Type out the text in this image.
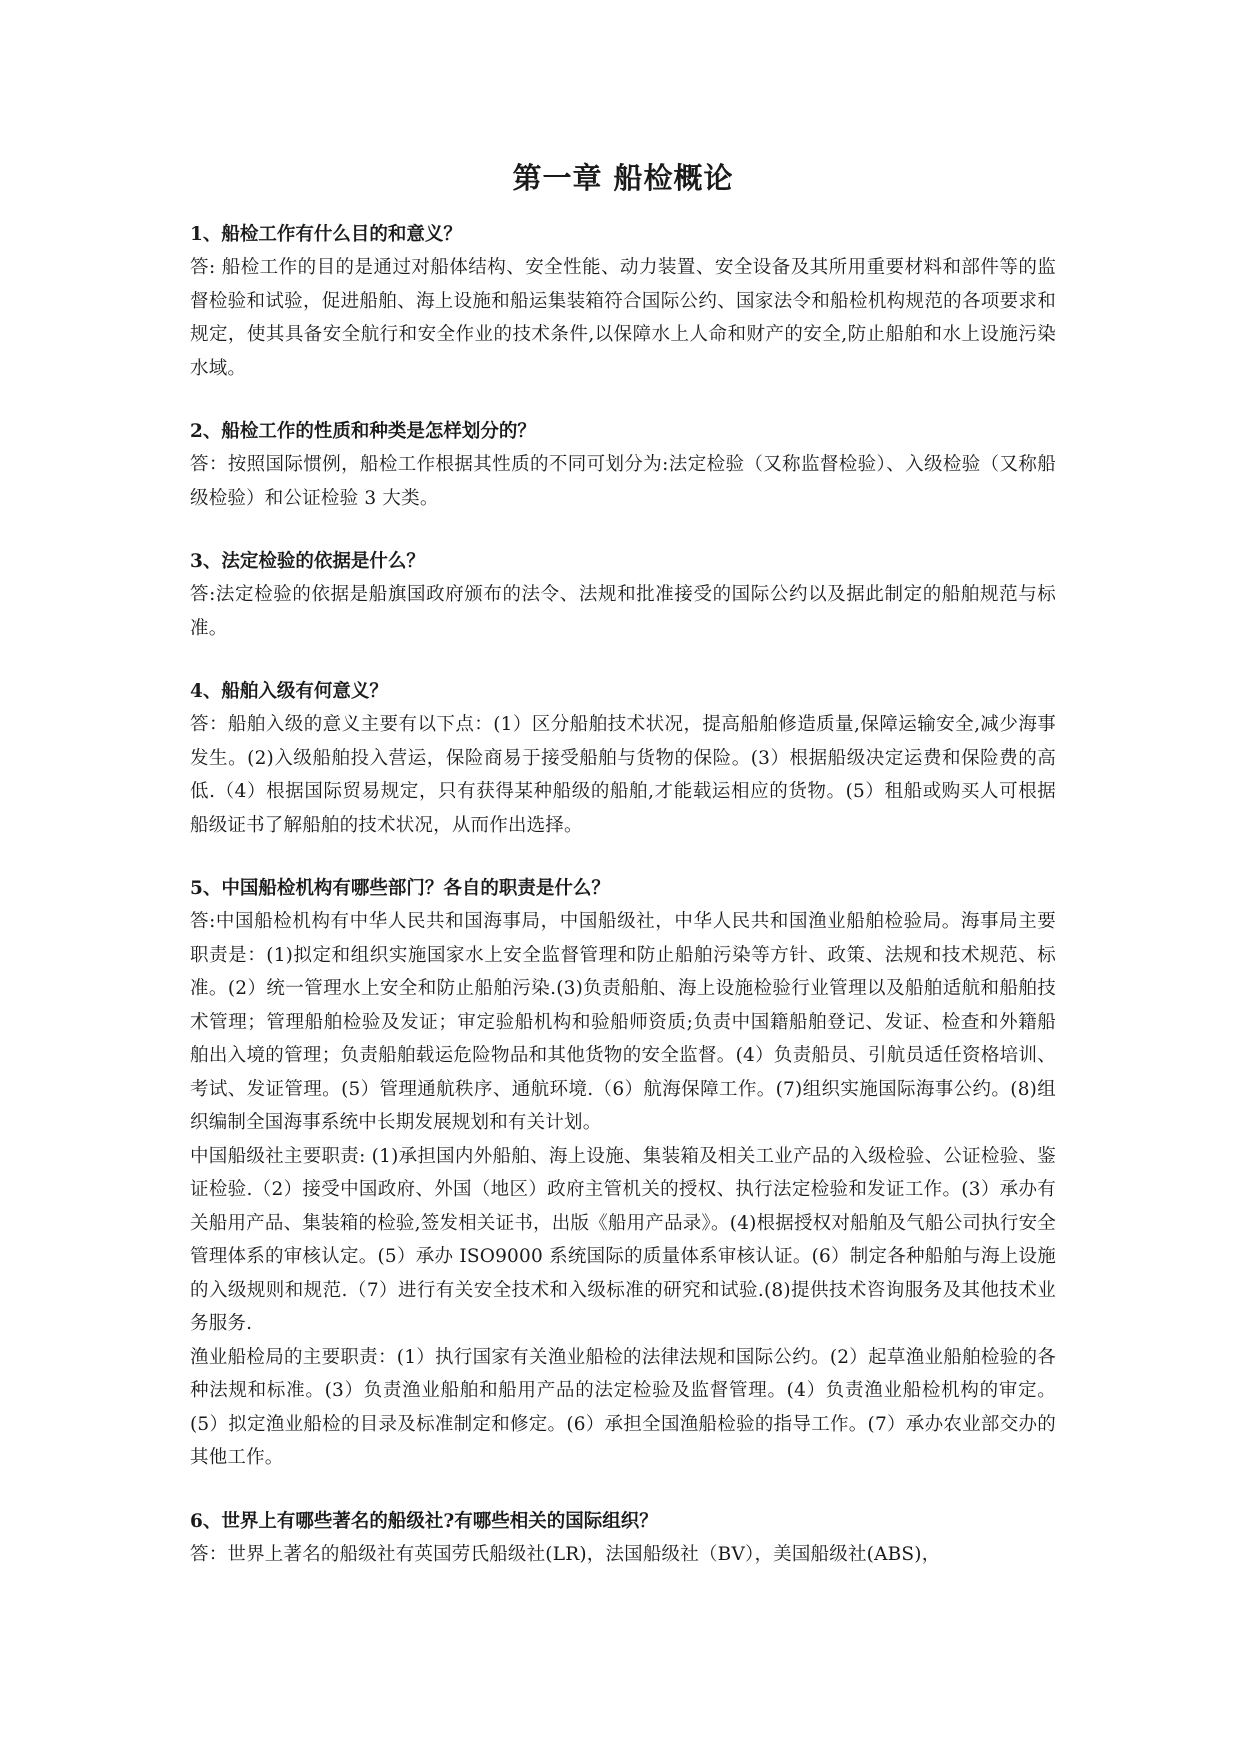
第一章 船检概论

1、船检工作有什么目的和意义？

答: 船检工作的目的是通过对船体结构、安全性能、动力装置、安全设备及其所用重要材料和部件等的监督检验和试验，促进船舶、海上设施和船运集装箱符合国际公约、国家法令和船检机构规范的各项要求和规定，使其具备安全航行和安全作业的技术条件,以保障水上人命和财产的安全,防止船舶和水上设施污染水域。

2、船检工作的性质和种类是怎样划分的？

答：按照国际惯例，船检工作根据其性质的不同可划分为:法定检验（又称监督检验）、入级检验（又称船级检验）和公证检验 3 大类。

3、法定检验的依据是什么？

答:法定检验的依据是船旗国政府颁布的法令、法规和批准接受的国际公约以及据此制定的船舶规范与标准。

4、船舶入级有何意义？

答：船舶入级的意义主要有以下点：(1）区分船舶技术状况，提高船舶修造质量,保障运输安全,减少海事发生。(2)入级船舶投入营运，保险商易于接受船舶与货物的保险。(3）根据船级决定运费和保险费的高低.（4）根据国际贸易规定，只有获得某种船级的船舶,才能载运相应的货物。(5）租船或购买人可根据船级证书了解船舶的技术状况，从而作出选择。

5、中国船检机构有哪些部门？各自的职责是什么？

答:中国船检机构有中华人民共和国海事局，中国船级社，中华人民共和国渔业船舶检验局。海事局主要职责是：(1)拟定和组织实施国家水上安全监督管理和防止船舶污染等方针、政策、法规和技术规范、标准。(2）统一管理水上安全和防止船舶污染.(3)负责船舶、海上设施检验行业管理以及船舶适航和船舶技术管理；管理船舶检验及发证；审定验船机构和验船师资质;负责中国籍船舶登记、发证、检查和外籍船舶出入境的管理；负责船舶载运危险物品和其他货物的安全监督。(4）负责船员、引航员适任资格培训、考试、发证管理。(5）管理通航秩序、通航环境.（6）航海保障工作。(7)组织实施国际海事公约。(8)组织编制全国海事系统中长期发展规划和有关计划。

中国船级社主要职责: (1)承担国内外船舶、海上设施、集装箱及相关工业产品的入级检验、公证检验、鉴证检验.（2）接受中国政府、外国（地区）政府主管机关的授权、执行法定检验和发证工作。(3）承办有关船用产品、集装箱的检验,签发相关证书，出版《船用产品录》。(4)根据授权对船舶及气船公司执行安全管理体系的审核认定。(5）承办 ISO9000 系统国际的质量体系审核认证。(6）制定各种船舶与海上设施的入级规则和规范.（7）进行有关安全技术和入级标准的研究和试验.(8)提供技术咨询服务及其他技术业务服务.

渔业船检局的主要职责：(1）执行国家有关渔业船检的法律法规和国际公约。(2）起草渔业船舶检验的各种法规和标准。(3）负责渔业船舶和船用产品的法定检验及监督管理。(4）负责渔业船检机构的审定。(5）拟定渔业船检的目录及标准制定和修定。(6）承担全国渔船检验的指导工作。(7）承办农业部交办的其他工作。

6、世界上有哪些著名的船级社?有哪些相关的国际组织？

答：世界上著名的船级社有英国劳氏船级社(LR)，法国船级社（BV），美国船级社(ABS)，
